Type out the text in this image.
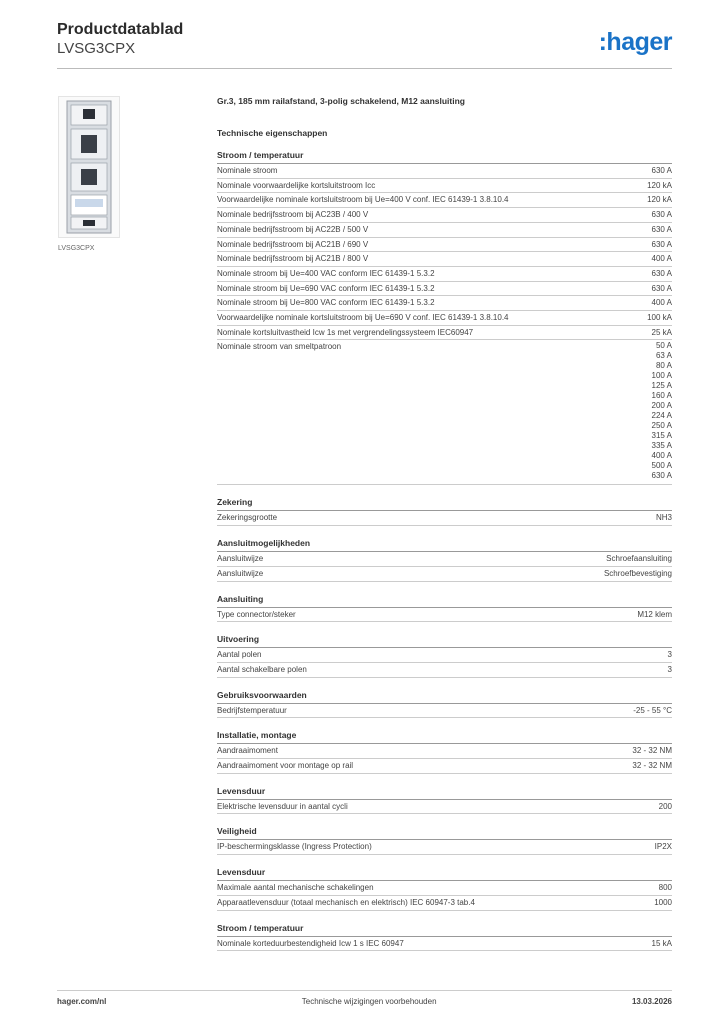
Productdatablad
LVSG3CPX	:hager
LVSG3CPX
Gr.3, 185 mm railafstand, 3-polig schakelend, M12 aansluiting
Technische eigenschappen
Stroom / temperatuur
Nominale stroom	630 A
Nominale voorwaardelijke kortsluitstroom Icc	120 kA
Voorwaardelijke nominale kortsluitstroom bij Ue=400 V conf. IEC 61439-1 3.8.10.4	120 kA
Nominale bedrijfsstroom bij AC23B / 400 V	630 A
Nominale bedrijfsstroom bij AC22B / 500 V	630 A
Nominale bedrijfsstroom bij AC21B / 690 V	630 A
Nominale bedrijfsstroom bij AC21B / 800 V	400 A
Nominale stroom bij Ue=400 VAC conform IEC 61439-1 5.3.2	630 A
Nominale stroom bij Ue=690 VAC conform IEC 61439-1 5.3.2	630 A
Nominale stroom bij Ue=800 VAC conform IEC 61439-1 5.3.2	400 A
Voorwaardelijke nominale kortsluitstroom bij Ue=690 V conf. IEC 61439-1 3.8.10.4	100 kA
Nominale kortsluitvastheid Icw 1s met vergrendelingssysteem IEC60947	25 kA
Nominale stroom van smeltpatroon	50 A
63 A
80 A
100 A
125 A
160 A
200 A
224 A
250 A
315 A
335 A
400 A
500 A
630 A
Zekering
Zekeringsgrootte	NH3
Aansluitmogelijkheden
Aansluitwijze	Schroefaansluiting
Aansluitwijze	Schroefbevestiging
Aansluiting
Type connector/steker	M12 klem
Uitvoering
Aantal polen	3
Aantal schakelbare polen	3
Gebruiksvoorwaarden
Bedrijfstemperatuur	-25 - 55 °C
Installatie, montage
Aandraaimoment	32 - 32 NM
Aandraaimoment voor montage op rail	32 - 32 NM
Levensduur
Elektrische levensduur in aantal cycli	200
Veiligheid
IP-beschermingsklasse (Ingress Protection)	IP2X
Levensduur
Maximale aantal mechanische schakelingen	800
Apparaatlevensduur (totaal mechanisch en elektrisch) IEC 60947-3 tab.4	1000
Stroom / temperatuur
Nominale korteduurbestendigheid Icw 1 s IEC 60947	15 kA
hager.com/nl	Technische wijzigingen voorbehouden	13.03.2026
